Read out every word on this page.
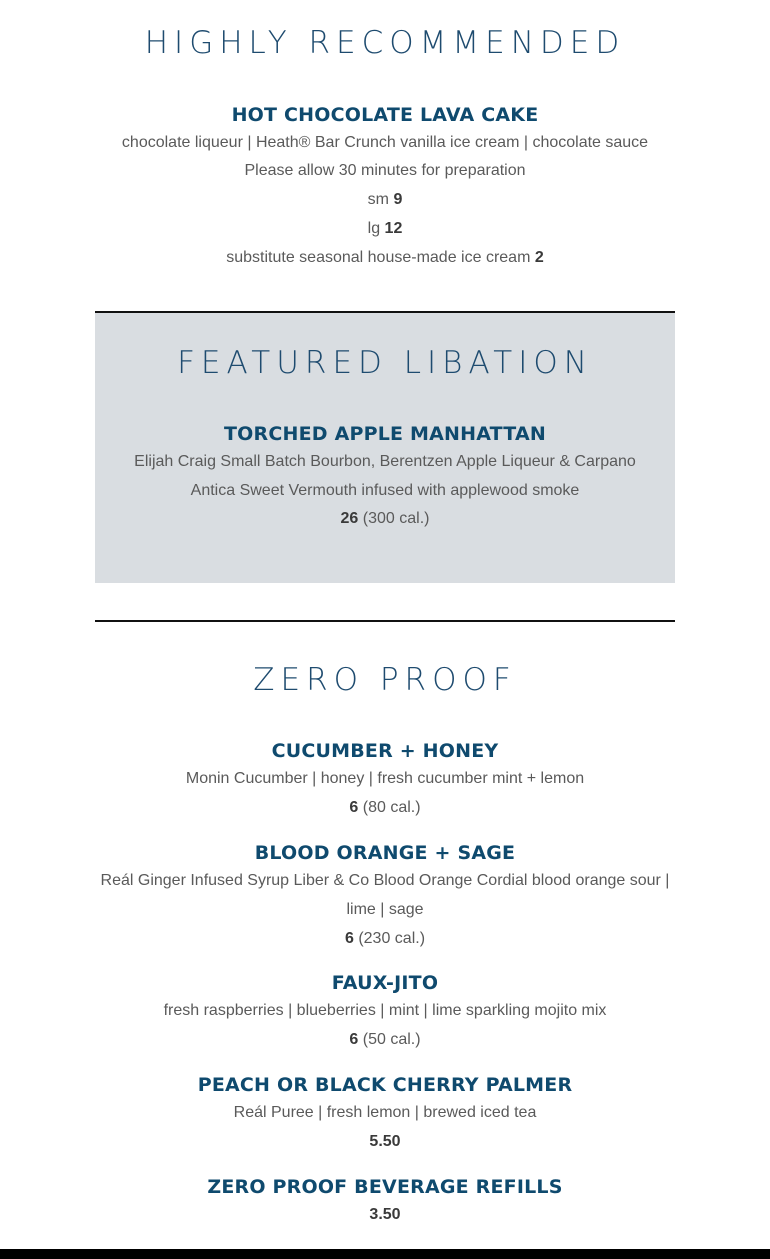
HIGHLY RECOMMENDED
HOT CHOCOLATE LAVA CAKE
chocolate liqueur | Heath® Bar Crunch vanilla ice cream | chocolate sauce
Please allow 30 minutes for preparation
sm 9
lg 12
substitute seasonal house-made ice cream 2
FEATURED LIBATION
TORCHED APPLE MANHATTAN
Elijah Craig Small Batch Bourbon, Berentzen Apple Liqueur & Carpano
Antica Sweet Vermouth infused with applewood smoke
26 (300 cal.)
ZERO PROOF
CUCUMBER + HONEY
Monin Cucumber | honey | fresh cucumber mint + lemon
6 (80 cal.)
BLOOD ORANGE + SAGE
Reál Ginger Infused Syrup Liber & Co Blood Orange Cordial blood orange sour |
lime | sage
6 (230 cal.)
FAUX-JITO
fresh raspberries | blueberries | mint | lime sparkling mojito mix
6 (50 cal.)
PEACH OR BLACK CHERRY PALMER
Reál Puree | fresh lemon | brewed iced tea
5.50
ZERO PROOF BEVERAGE REFILLS
3.50
